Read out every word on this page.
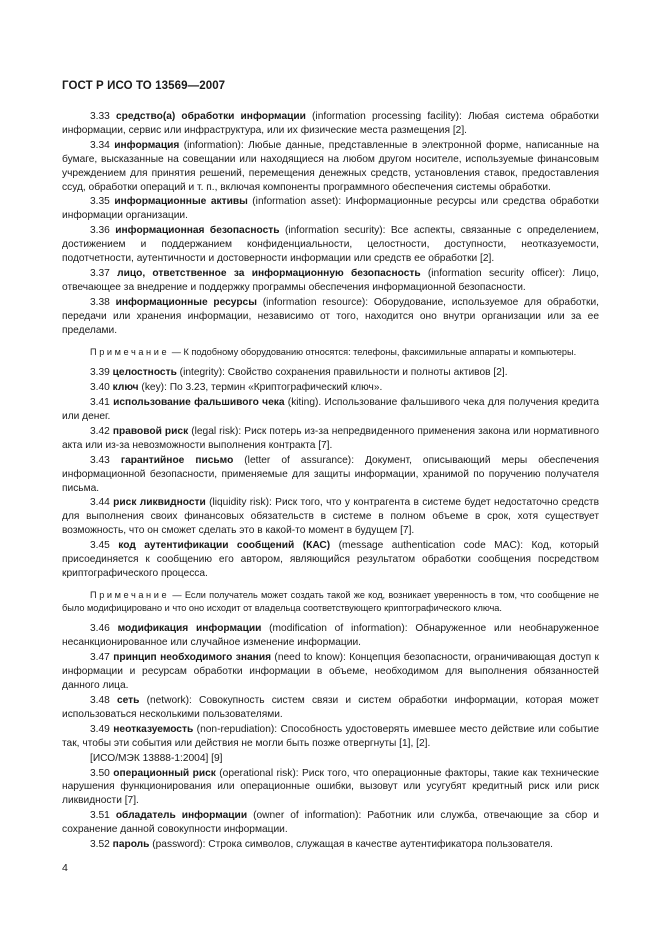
ГОСТ Р ИСО ТО 13569—2007
3.33 средство(а) обработки информации (information processing facility): Любая система обработки информации, сервис или инфраструктура, или их физические места размещения [2].
3.34 информация (information): Любые данные, представленные в электронной форме, написанные на бумаге, высказанные на совещании или находящиеся на любом другом носителе, используемые финансовым учреждением для принятия решений, перемещения денежных средств, установления ставок, предоставления ссуд, обработки операций и т. п., включая компоненты программного обеспечения системы обработки.
3.35 информационные активы (information asset): Информационные ресурсы или средства обработки информации организации.
3.36 информационная безопасность (information security): Все аспекты, связанные с определением, достижением и поддержанием конфиденциальности, целостности, доступности, неотказуемости, подотчетности, аутентичности и достоверности информации или средств ее обработки [2].
3.37 лицо, ответственное за информационную безопасность (information security officer): Лицо, отвечающее за внедрение и поддержку программы обеспечения информационной безопасности.
3.38 информационные ресурсы (information resource): Оборудование, используемое для обработки, передачи или хранения информации, независимо от того, находится оно внутри организации или за ее пределами.
Примечание — К подобному оборудованию относятся: телефоны, факсимильные аппараты и компьютеры.
3.39 целостность (integrity): Свойство сохранения правильности и полноты активов [2].
3.40 ключ (key): По 3.23, термин «Криптографический ключ».
3.41 использование фальшивого чека (kiting). Использование фальшивого чека для получения кредита или денег.
3.42 правовой риск (legal risk): Риск потерь из-за непредвиденного применения закона или нормативного акта или из-за невозможности выполнения контракта [7].
3.43 гарантийное письмо (letter of assurance): Документ, описывающий меры обеспечения информационной безопасности, применяемые для защиты информации, хранимой по поручению получателя письма.
3.44 риск ликвидности (liquidity risk): Риск того, что у контрагента в системе будет недостаточно средств для выполнения своих финансовых обязательств в системе в полном объеме в срок, хотя существует возможность, что он сможет сделать это в какой-то момент в будущем [7].
3.45 код аутентификации сообщений (КАС) (message authentication code MAC): Код, который присоединяется к сообщению его автором, являющийся результатом обработки сообщения посредством криптографического процесса.
Примечание — Если получатель может создать такой же код, возникает уверенность в том, что сообщение не было модифицировано и что оно исходит от владельца соответствующего криптографического ключа.
3.46 модификация информации (modification of information): Обнаруженное или необнаруженное несанкционированное или случайное изменение информации.
3.47 принцип необходимого знания (need to know): Концепция безопасности, ограничивающая доступ к информации и ресурсам обработки информации в объеме, необходимом для выполнения обязанностей данного лица.
3.48 сеть (network): Совокупность систем связи и систем обработки информации, которая может использоваться несколькими пользователями.
3.49 неотказуемость (non-repudiation): Способность удостоверять имевшее место действие или событие так, чтобы эти события или действия не могли быть позже отвергнуты [1], [2].
[ИСО/МЭК 13888-1:2004] [9]
3.50 операционный риск (operational risk): Риск того, что операционные факторы, такие как технические нарушения функционирования или операционные ошибки, вызовут или усугубят кредитный риск или риск ликвидности [7].
3.51 обладатель информации (owner of information): Работник или служба, отвечающие за сбор и сохранение данной совокупности информации.
3.52 пароль (password): Строка символов, служащая в качестве аутентификатора пользователя.
4
